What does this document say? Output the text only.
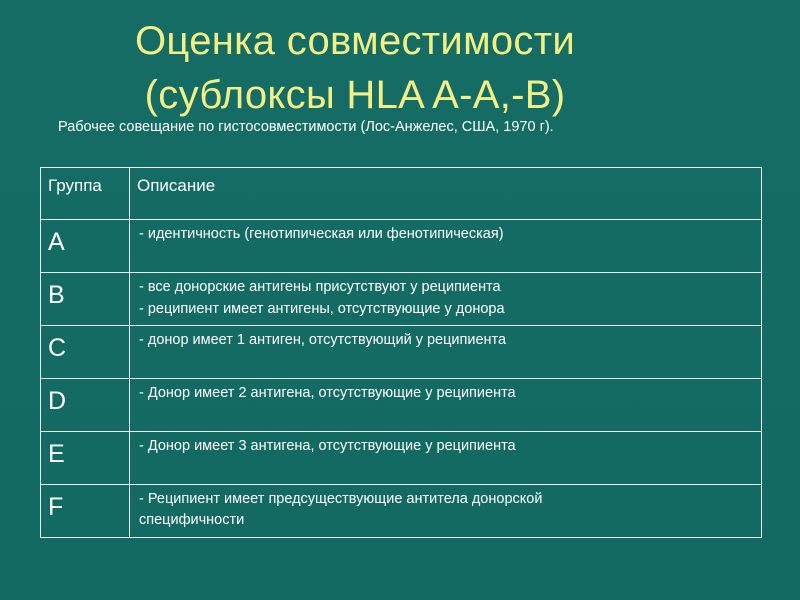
Оценка совместимости
(сублоксы HLA A-A,-B)

Рабочее совещание по гистосовместимости (Лос-Анжелес, США, 1970 г).

Группа	Описание

A	- идентичность (генотипическая или фенотипическая)

B	- все донорские антигены присутствуют у реципиента
- реципиент имеет антигены, отсутствующие у донора

C	- донор имеет 1 антиген, отсутствующий у реципиента

D	- Донор имеет 2 антигена, отсутствующие у реципиента

E	- Донор имеет 3 антигена, отсутствующие у реципиента

F	- Реципиент имеет предсуществующие антитела донорской
специфичности
